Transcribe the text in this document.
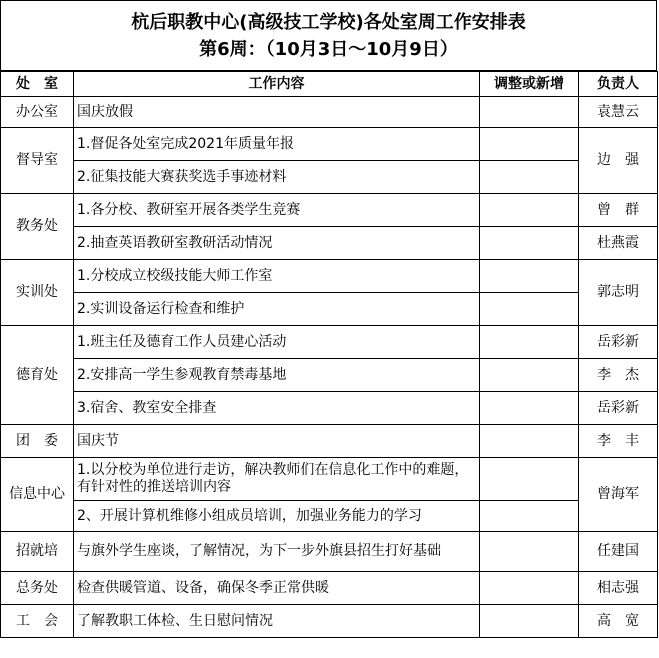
杭后职教中心(高级技工学校)各处室周工作安排表
第6周：（10月3日～10月9日）
处　室	工作内容	调整或新增	负责人
办公室	国庆放假		袁慧云
督导室	1.督促各处室完成2021年质量年报		边　强
	2.征集技能大赛获奖选手事迹材料		
教务处	1.各分校、教研室开展各类学生竞赛		曾　群
	2.抽查英语教研室教研活动情况		杜燕霞
实训处	1.分校成立校级技能大师工作室		郭志明
	2.实训设备运行检查和维护		
德育处	1.班主任及德育工作人员建心活动		岳彩新
	2.安排高一学生参观教育禁毒基地		李　杰
	3.宿舍、教室安全排查		岳彩新
团　委	国庆节		李　丰
信息中心	1.以分校为单位进行走访，解决教师们在信息化工作中的难题，有针对性的推送培训内容		曾海军
	2、开展计算机维修小组成员培训，加强业务能力的学习		
招就培	与旗外学生座谈，了解情况，为下一步外旗县招生打好基础		任建国
总务处	检查供暖管道、设备，确保冬季正常供暖		相志强
工　会	了解教职工体检、生日慰问情况		高　宽
